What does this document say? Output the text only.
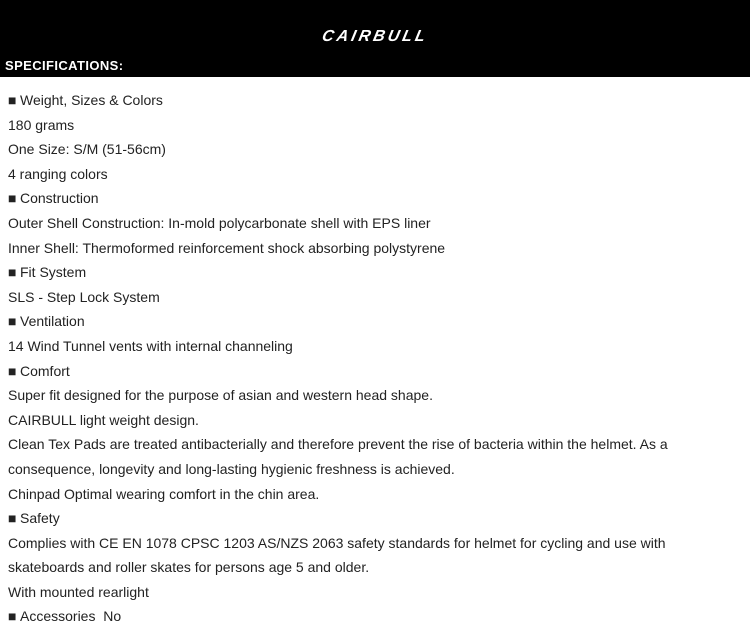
CAIRBULL
SPECIFICATIONS:
■ Weight, Sizes & Colors
180 grams
One Size: S/M (51-56cm)
4 ranging colors
■ Construction
Outer Shell Construction: In-mold polycarbonate shell with EPS liner
Inner Shell: Thermoformed reinforcement shock absorbing polystyrene
■ Fit System
SLS - Step Lock System
■ Ventilation
14 Wind Tunnel vents with internal channeling
■ Comfort
Super fit designed for the purpose of asian and western head shape.
CAIRBULL light weight design.
Clean Tex Pads are treated antibacterially and therefore prevent the rise of bacteria within the helmet. As a consequence, longevity and long-lasting hygienic freshness is achieved.
Chinpad Optimal wearing comfort in the chin area.
■ Safety
Complies with CE EN 1078 CPSC 1203 AS/NZS 2063 safety standards for helmet for cycling and use with skateboards and roller skates for persons age 5 and older.
With mounted rearlight
■ Accessories  No
